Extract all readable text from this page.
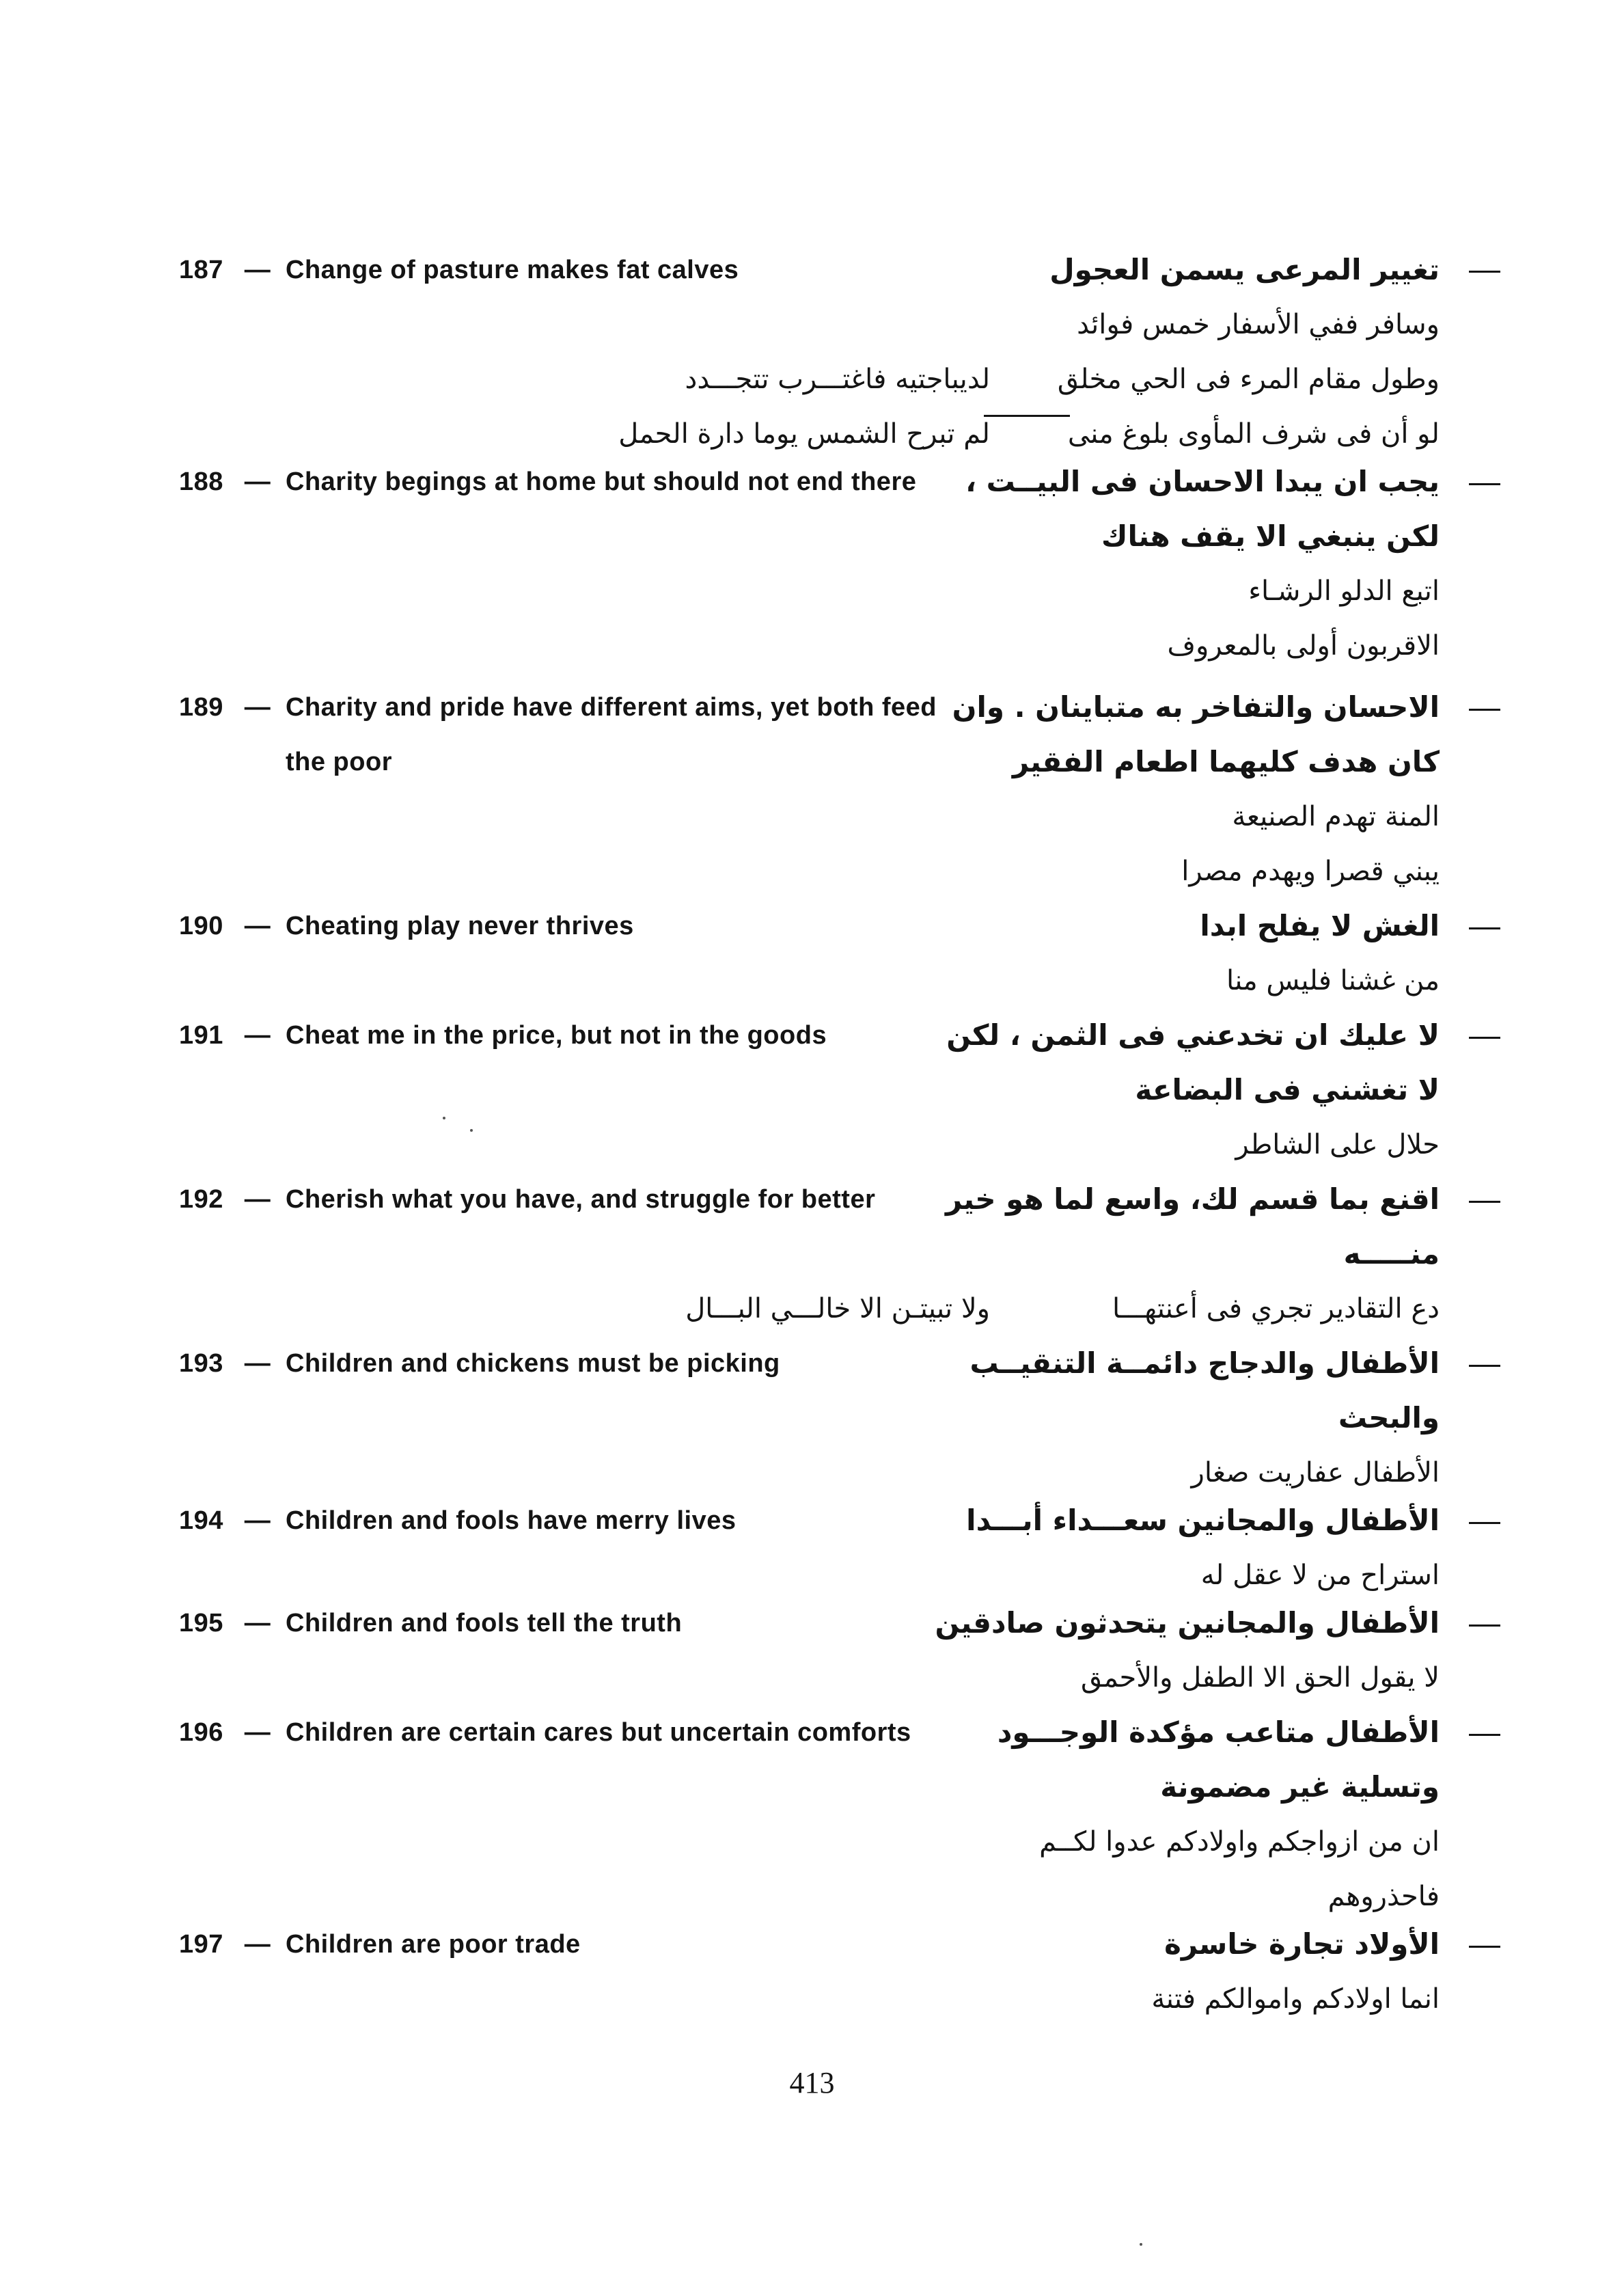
187 — Change of pasture makes fat calves	تغيير المرعى يسمن العجول
وسافر ففي الأسفار خمس فوائد
وطول مقام المرء فى الحي مخلق
لديباجتيه فاغتـــرب تتجـــدد
لو أن فى شرف المأوى بلوغ منى
لم تبرح الشمس يوما دارة الحمل
188 — Charity begings at home but should not end there	يجب ان يبدا الاحسان فى البيــت ،
لكن ينبغي الا يقف هناك
اتبع الدلو الرشـاء
الاقربون أولى بالمعروف
189 — Charity and pride have different aims, yet both feed
the poor
الاحسان والتفاخر به متباينان . وان
كان هدف كليهما اطعام الفقير
المنة تهدم الصنيعة
يبني قصرا ويهدم مصرا
190 — Cheating play never thrives	الغش لا يفلح ابدا
من غشنا فليس منا
191 — Cheat me in the price, but not in the goods	لا عليك ان تخدعني فى الثمن ، لكن
لا تغشني فى البضاعة
حلال على الشاطر
192 — Cherish what you have, and struggle for better	اقنع بما قسم لك، واسع لما هو خير
منـــــه
دع التقادير تجري فى أعنتهـــا
ولا تبيتـن الا خالـــي البـــال
193 — Children and chickens must be picking	الأطفال والدجاج دائمــة التنقيــب
والبحث
الأطفال عفاريت صغار
194 — Children and fools have merry lives	الأطفال والمجانين سعـــداء أبـــدا
استراح من لا عقل له
195 — Children and fools tell the truth	الأطفال والمجانين يتحدثون صادقين
لا يقول الحق الا الطفل والأحمق
196 — Children are certain cares but uncertain comforts	الأطفال متاعب مؤكدة الوجـــود
وتسلية غير مضمونة
ان من ازواجكم واولادكم عدوا لكــم
فاحذروهم
197 — Children are poor trade	الأولاد تجارة خاسرة
انما اولادكم واموالكم فتنة
413
